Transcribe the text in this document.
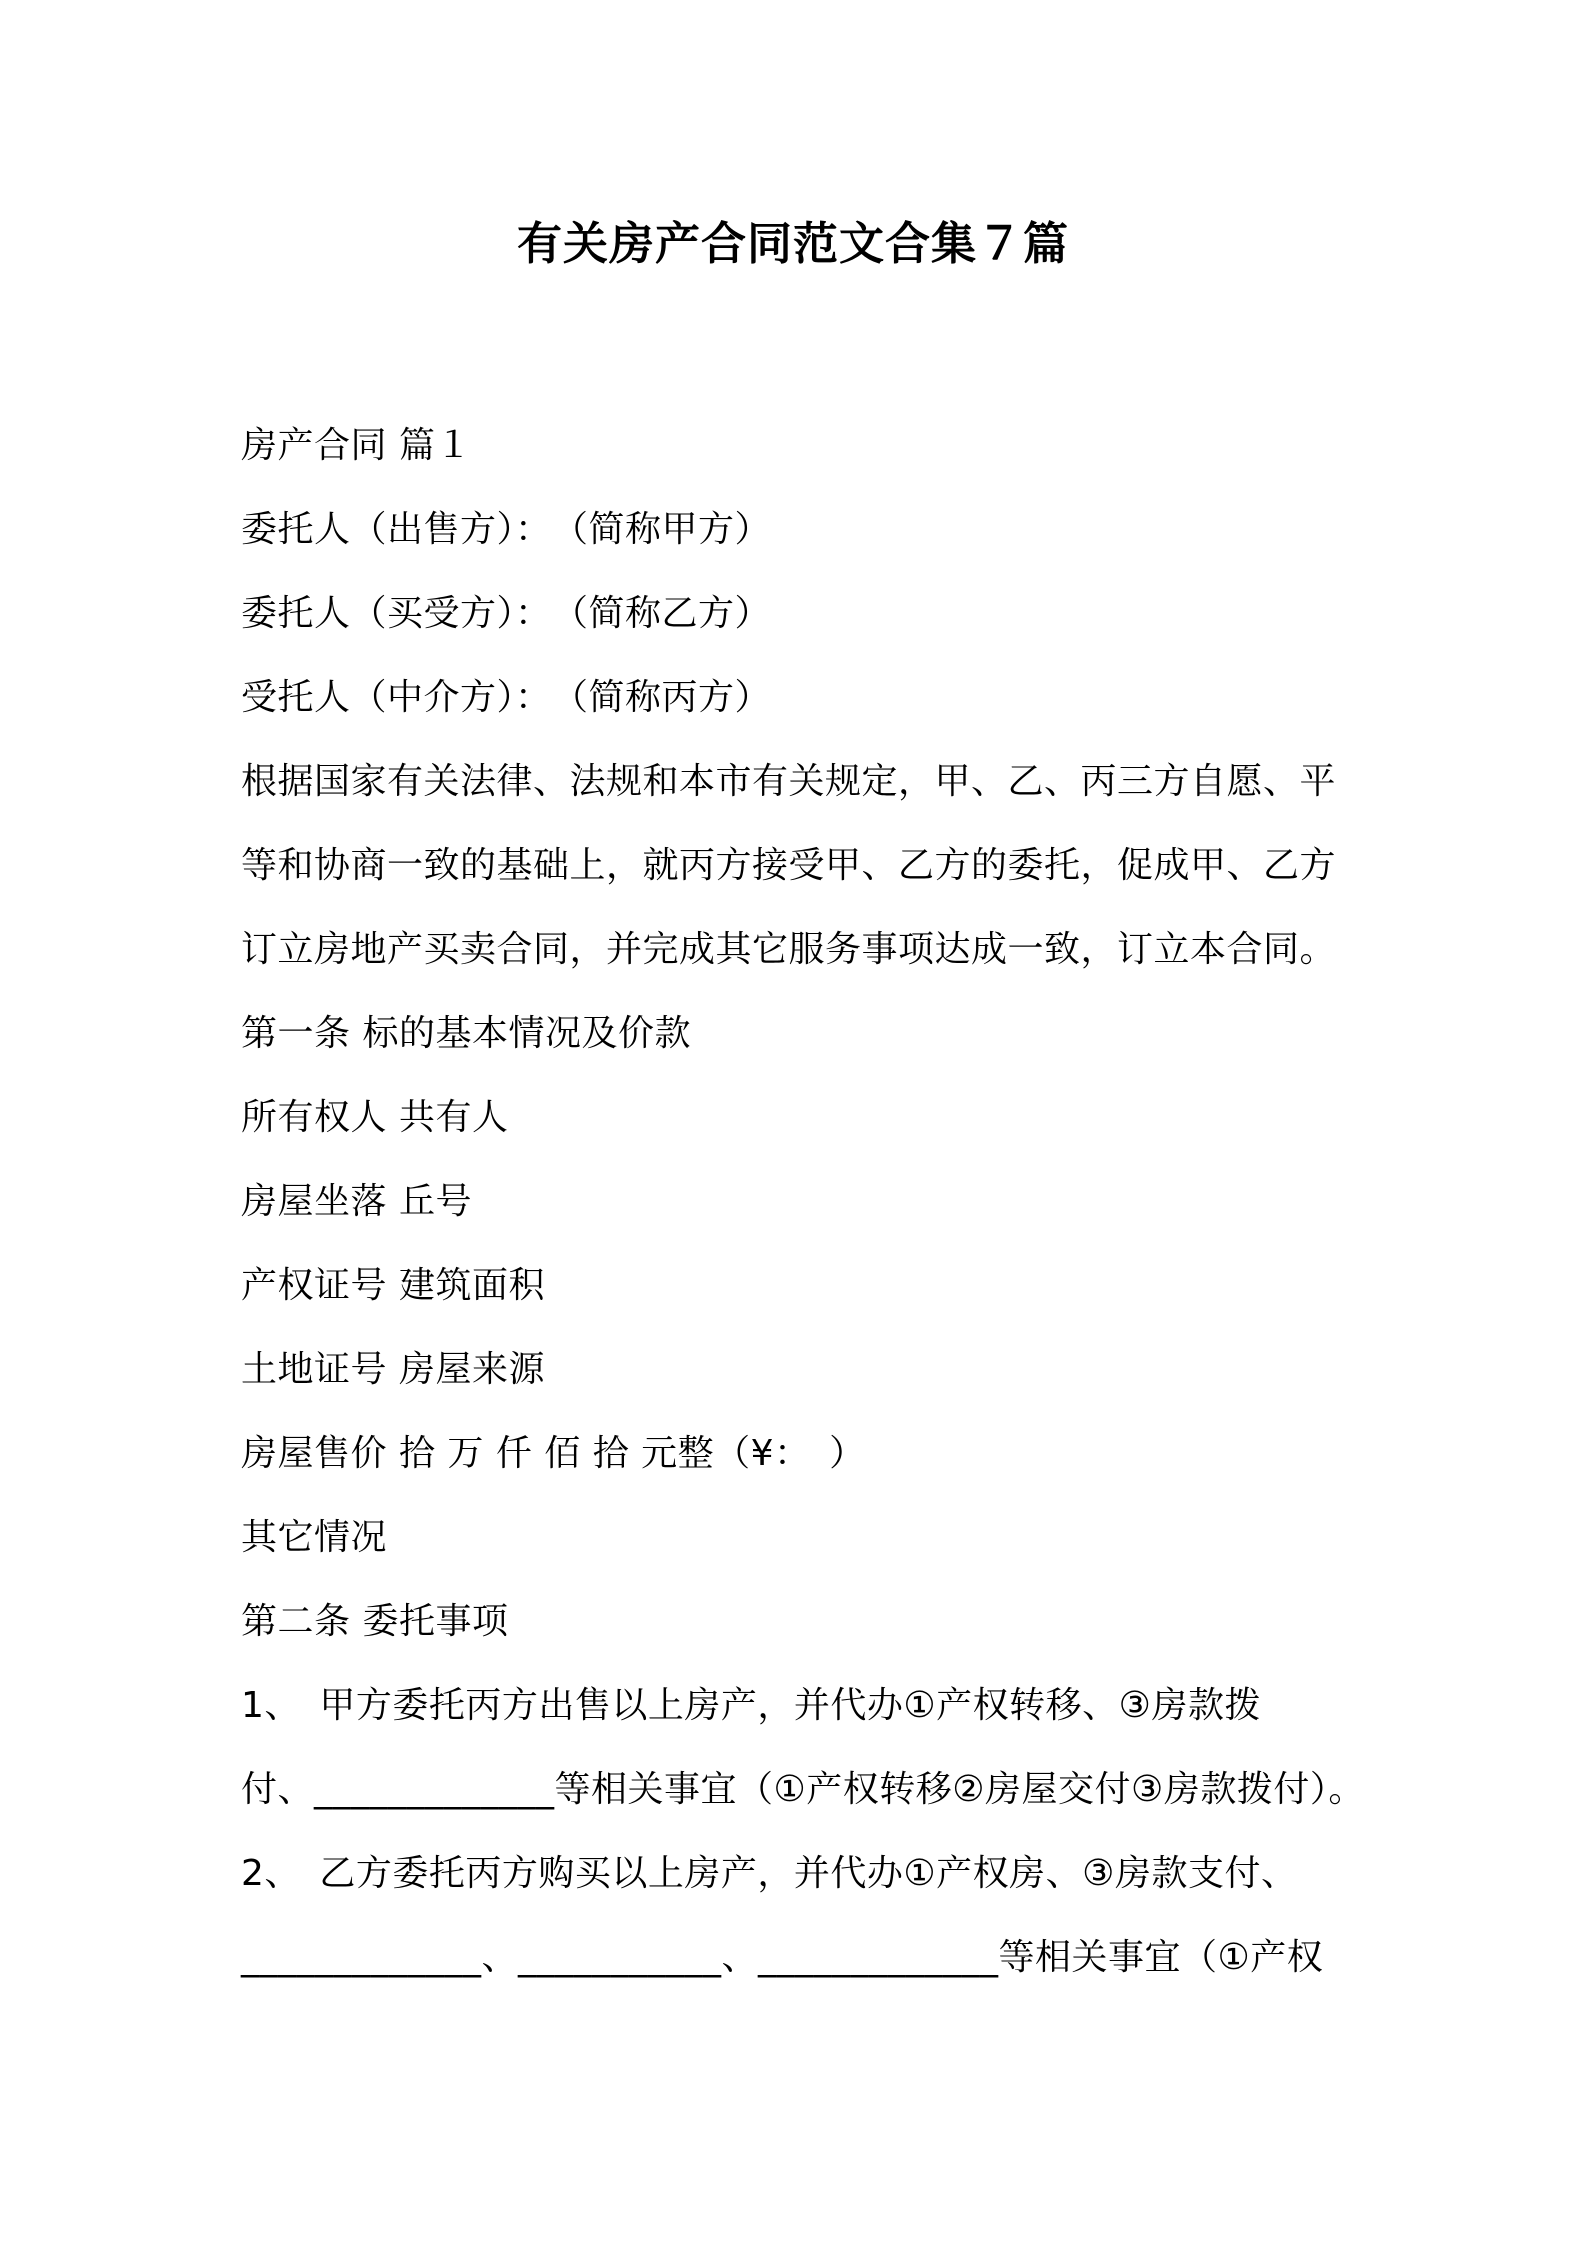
有关房产合同范文合集７篇
房产合同 篇１
委托人（出售方）：　（简称甲方）
委托人（买受方）：　（简称乙方）
受托人（中介方）：　（简称丙方）
根据国家有关法律、法规和本市有关规定，甲、乙、丙三方自愿、平
等和协商一致的基础上，就丙方接受甲、乙方的委托，促成甲、乙方
订立房地产买卖合同，并完成其它服务事项达成一致，订立本合同。
第一条 标的基本情况及价款
所有权人 共有人
房屋坐落 丘号
产权证号 建筑面积
土地证号 房屋来源
房屋售价 拾 万 仟 佰 拾 元整（¥：　）
其它情况
第二条 委托事项
1、　甲方委托丙方出售以上房产，并代办①产权转移、③房款拨
付、_____________等相关事宜（①产权转移②房屋交付③房款拨付）。
2、　乙方委托丙方购买以上房产，并代办①产权房、③房款支付、
_____________、___________、_____________等相关事宜（①产权
